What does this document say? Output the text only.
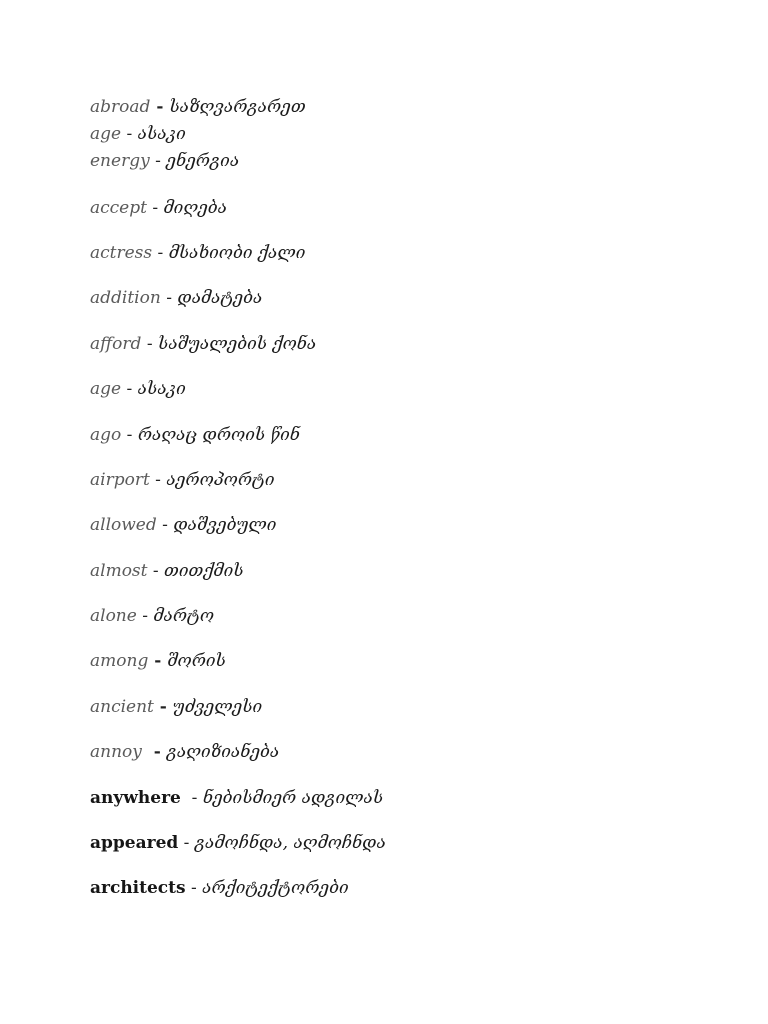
abroad - საზღვარგარეთ
age - ასაკი
energy - ენერგია
accept - მიღება
actress - მსახიობი ქალი
addition - დამატება
afford - საშუალების ქონა
age - ასაკი
ago - რაღაც დროის წინ
airport - აეროპორტი
allowed - დაშვებული
almost - თითქმის
alone - მარტო
among - შორის
ancient - უძველესი
annoy  - გაღიზიანება
anywhere  - ნებისმიერ ადგილას
appeared - გამოჩნდა, აღმოჩნდა
architects - არქიტექტორები
